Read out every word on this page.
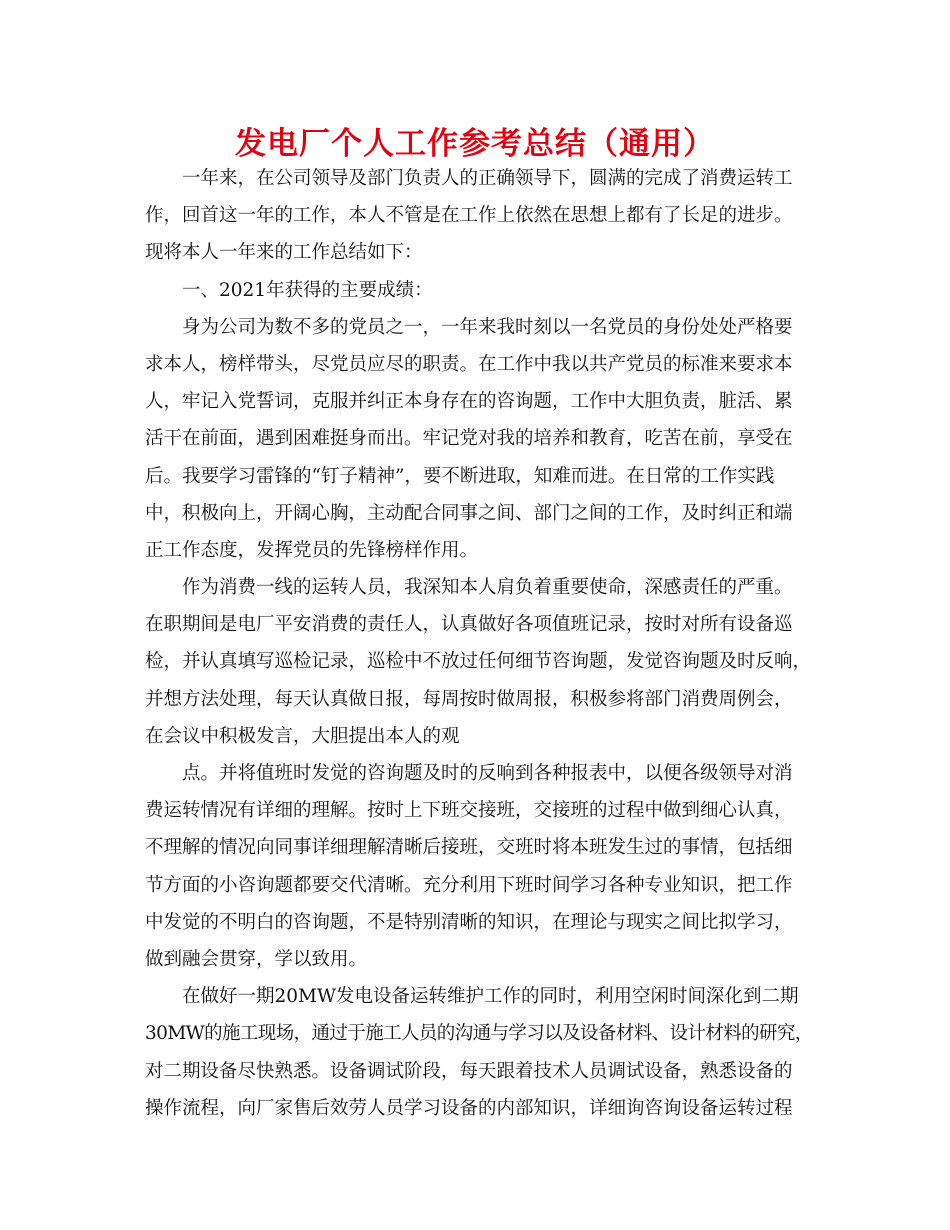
发电厂个人工作参考总结（通用）
一年来，在公司领导及部门负责人的正确领导下，圆满的完成了消费运转工
作，回首这一年的工作，本人不管是在工作上依然在思想上都有了长足的进步。
现将本人一年来的工作总结如下：
一、2021年获得的主要成绩：
身为公司为数不多的党员之一，一年来我时刻以一名党员的身份处处严格要
求本人，榜样带头，尽党员应尽的职责。在工作中我以共产党员的标准来要求本
人，牢记入党誓词，克服并纠正本身存在的咨询题，工作中大胆负责，脏活、累
活干在前面，遇到困难挺身而出。牢记党对我的培养和教育，吃苦在前，享受在
后。我要学习雷锋的“钉子精神”，要不断进取，知难而进。在日常的工作实践
中，积极向上，开阔心胸，主动配合同事之间、部门之间的工作，及时纠正和端
正工作态度，发挥党员的先锋榜样作用。
作为消费一线的运转人员，我深知本人肩负着重要使命，深感责任的严重。
在职期间是电厂平安消费的责任人，认真做好各项值班记录，按时对所有设备巡
检，并认真填写巡检记录，巡检中不放过任何细节咨询题，发觉咨询题及时反响，
并想方法处理，每天认真做日报，每周按时做周报，积极参将部门消费周例会，
在会议中积极发言，大胆提出本人的观
点。并将值班时发觉的咨询题及时的反响到各种报表中，以便各级领导对消
费运转情况有详细的理解。按时上下班交接班，交接班的过程中做到细心认真，
不理解的情况向同事详细理解清晰后接班，交班时将本班发生过的事情，包括细
节方面的小咨询题都要交代清晰。充分利用下班时间学习各种专业知识，把工作
中发觉的不明白的咨询题，不是特别清晰的知识，在理论与现实之间比拟学习，
做到融会贯穿，学以致用。
在做好一期20MW发电设备运转维护工作的同时，利用空闲时间深化到二期
30MW的施工现场，通过于施工人员的沟通与学习以及设备材料、设计材料的研究，
对二期设备尽快熟悉。设备调试阶段，每天跟着技术人员调试设备，熟悉设备的
操作流程，向厂家售后效劳人员学习设备的内部知识，详细询咨询设备运转过程
